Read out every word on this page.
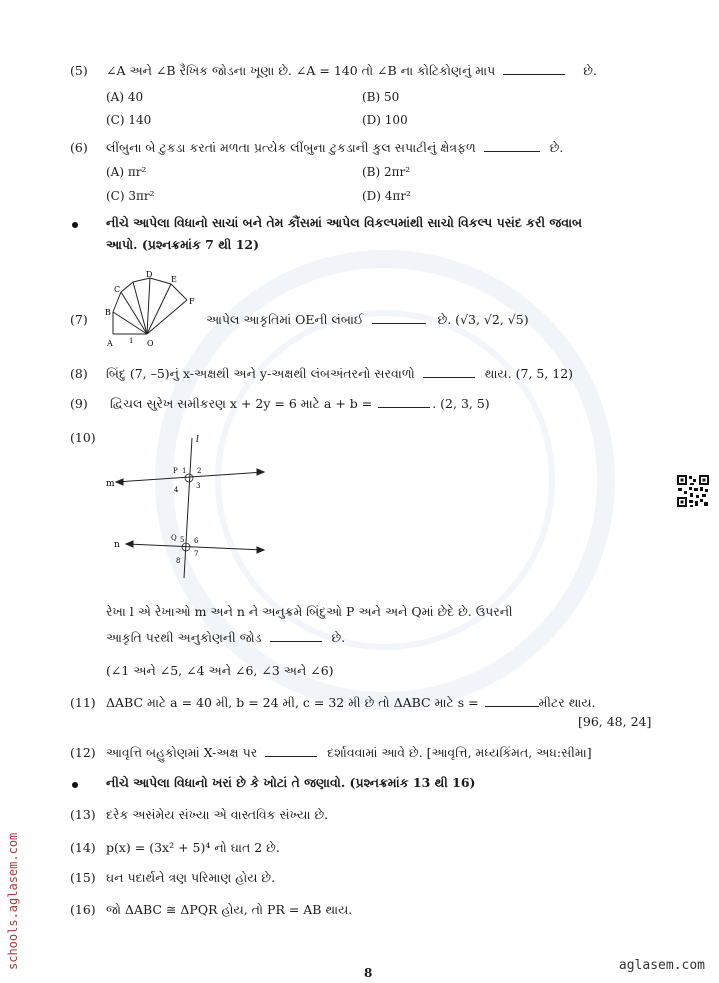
(5) ∠A અને ∠B રૈખિક જોડના ખૂણા છે. ∠A = 140 તો ∠B ના કોટિકોણનું માપ	છે.
(A) 40	(B) 50
(C) 140	(D) 100
(6) લીંબુના બે ટુકડા કરતાં મળતા પ્રત્યેક લીંબુના ટુકડાની કુલ સપાટીનું ક્ષેત્રફળ	છે.
(A) πr²	(B) 2πr²
(C) 3πr²	(D) 4πr²
નીચે આપેલા વિધાનો સાચાં બને તેમ કૌંસમાં આપેલ વિકલ્પમાંથી સાચો વિકલ્પ પસંદ કરી જવાબ
આપો. (પ્રશ્નક્રમાંક 7 થી 12)
(7)
A
B
C
D
E
F
O
1
આપેલ આકૃતિમાં OEની લંબાઈ	છે. (√3, √2, √5)
(8) બિંદુ (7, –5)નું x-અક્ષથી અને y-અક્ષથી લંબઅંતરનો સરવાળો	થાય. (7, 5, 12)
(9) દ્વિચલ સુરેખ સમીકરણ x + 2y = 6 માટે a + b =	. (2, 3, 5)
(10)	l
m
n
P
Q
1 2
3
4
5 6
7
8
રેખા l એ રેખાઓ m અને n ને અનુક્રમે બિંદુઓ P અને અને Qમાં છેદે છે. ઉપરની
આકૃતિ પરથી અનુકોણની જોડ	છે.
(∠1 અને ∠5, ∠4 અને ∠6, ∠3 અને ∠6)
(11) ΔABC માટે a = 40 મી, b = 24 મી, c = 32 મી છે તો ΔABC માટે s =	મીટર થાય.
[96, 48, 24]
(12) આવૃત્તિ બહુકોણમાં X-અક્ષ પર	દર્શાવવામાં આવે છે. [આવૃત્તિ, મધ્યકિંમત, અધ:સીમા]
નીચે આપેલા વિધાનો ખરાં છે કે ખોટાં તે જણાવો. (પ્રશ્નક્રમાંક 13 થી 16)
(13) દરેક અસંમેય સંખ્યા એ વાસ્તવિક સંખ્યા છે.
(14) p(x) = (3x² + 5)⁴ નો ઘાત 2 છે.
(15) ઘન પદાર્થને ત્રણ પરિમાણ હોય છે.
(16) જો ΔABC ≅ ΔPQR હોય, તો PR = AB થાય.
schools.aglasem.com
8	aglasem.com
